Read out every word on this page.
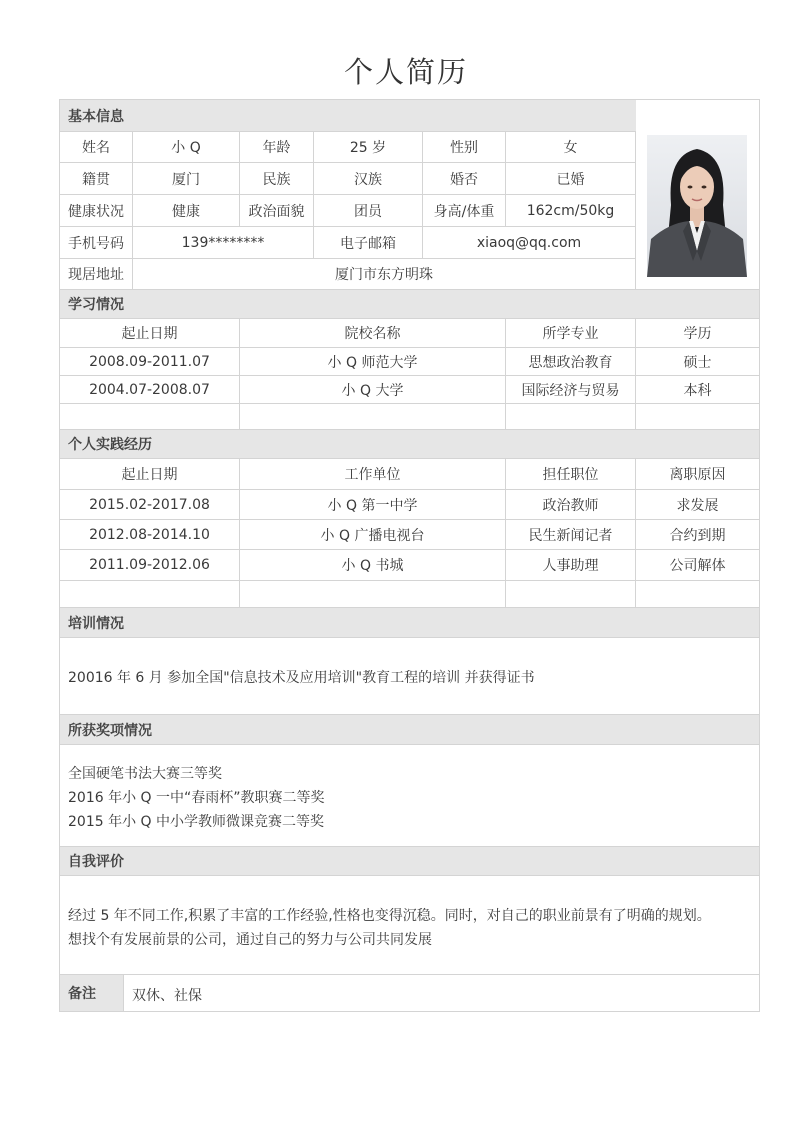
个人简历
基本信息
姓名	小 Q	年龄	25 岁	性别	女
籍贯	厦门	民族	汉族	婚否	已婚
健康状况	健康	政治面貌	团员	身高/体重	162cm/50kg
手机号码	139********	电子邮箱	xiaoq@qq.com
现居地址	厦门市东方明珠
学习情况
起止日期	院校名称	所学专业	学历
2008.09-2011.07	小 Q 师范大学	思想政治教育	硕士
2004.07-2008.07	小 Q 大学	国际经济与贸易	本科
个人实践经历
起止日期	工作单位	担任职位	离职原因
2015.02-2017.08	小 Q 第一中学	政治教师	求发展
2012.08-2014.10	小 Q 广播电视台	民生新闻记者	合约到期
2011.09-2012.06	小 Q 书城	人事助理	公司解体
培训情况
20016 年 6 月 参加全国"信息技术及应用培训"教育工程的培训 并获得证书
所获奖项情况
全国硬笔书法大赛三等奖
2016 年小 Q 一中“春雨杯”教职赛二等奖
2015 年小 Q 中小学教师微课竞赛二等奖
自我评价
经过 5 年不同工作,积累了丰富的工作经验,性格也变得沉稳。同时，对自己的职业前景有了明确的规划。
想找个有发展前景的公司，通过自己的努力与公司共同发展
备注	双休、社保
